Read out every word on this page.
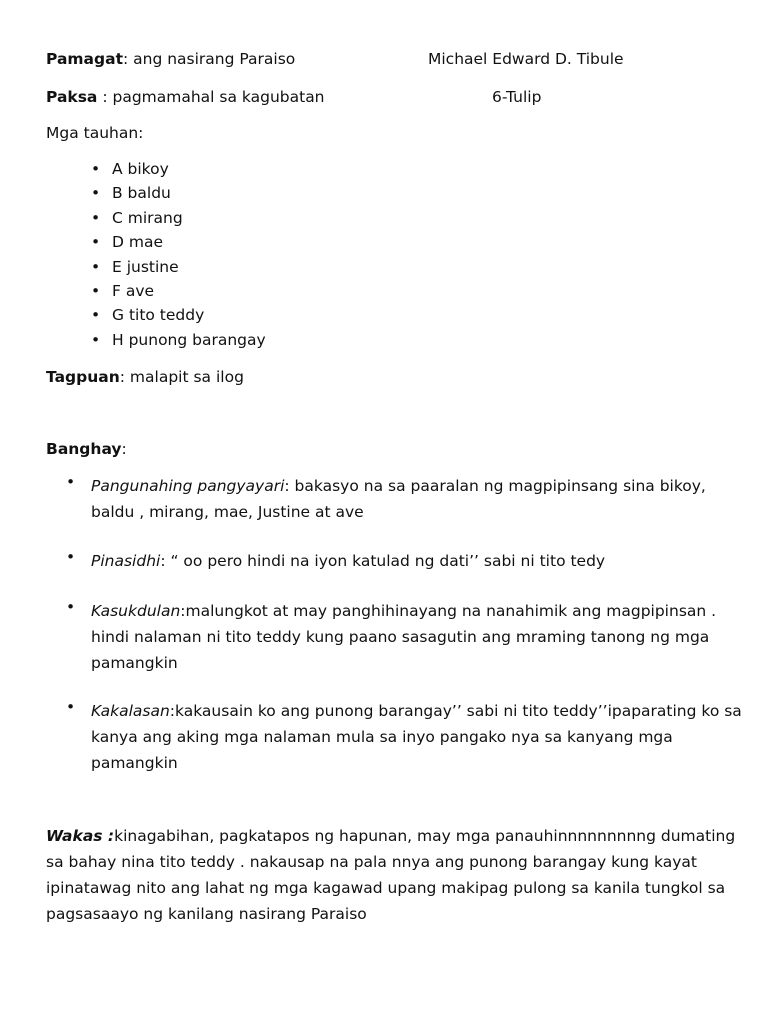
Pamagat: ang nasirang Paraiso	Michael Edward D. Tibule
Paksa : pagmamahal sa kagubatan	6-Tulip
Mga tauhan:
• A bikoy
• B baldu
• C mirang
• D mae
• E justine
• F ave
• G tito teddy
• H punong barangay
Tagpuan: malapit sa ilog
Banghay:
• Pangunahing pangyayari: bakasyo na sa paaralan ng magpipinsang sina bikoy, baldu , mirang, mae, Justine at ave
• Pinasidhi: “ oo pero hindi na iyon katulad ng dati’’ sabi ni tito tedy
• Kasukdulan:malungkot at may panghihinayang na nanahimik ang magpipinsan . hindi nalaman ni tito teddy kung paano sasagutin ang mraming tanong ng mga pamangkin
• Kakalasan:kakausain ko ang punong barangay’’ sabi ni tito teddy’’ipaparating ko sa kanya ang aking mga nalaman mula sa inyo pangako nya sa kanyang mga pamangkin
Wakas :kinagabihan, pagkatapos ng hapunan, may mga panauhinnnnnnnnng dumating sa bahay nina tito teddy . nakausap na pala nnya ang punong barangay kung kayat ipinatawag nito ang lahat ng mga kagawad upang makipag pulong sa kanila tungkol sa pagsasaayo ng kanilang nasirang Paraiso
